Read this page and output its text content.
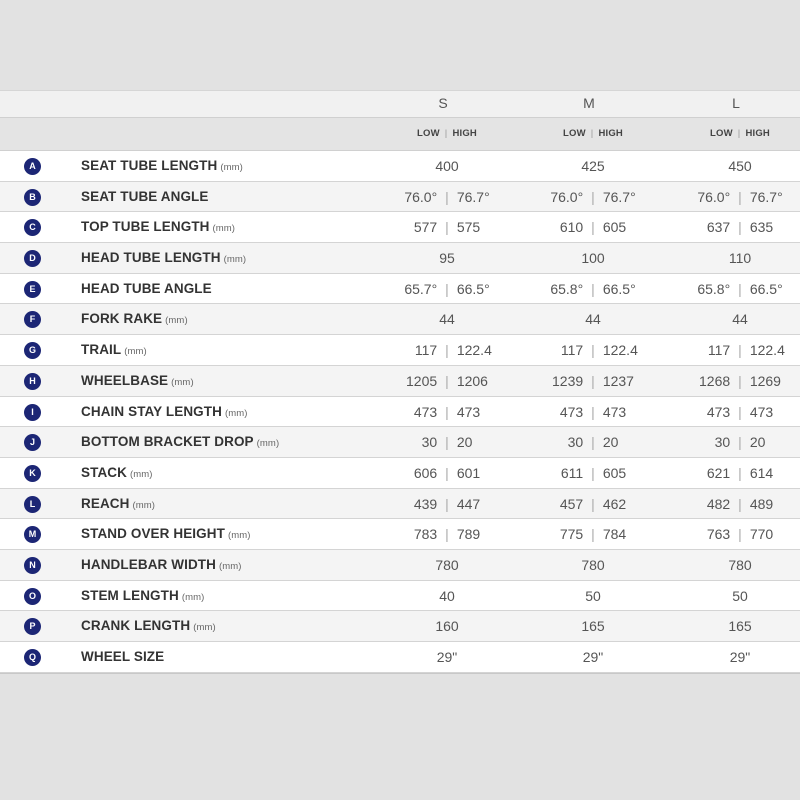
S	M	L
LOW | HIGH	LOW | HIGH	LOW | HIGH
A	SEAT TUBE LENGTH (mm)	400	425	450
B	SEAT TUBE ANGLE	76.0° | 76.7°	76.0° | 76.7°	76.0° | 76.7°
C	TOP TUBE LENGTH (mm)	577 | 575	610 | 605	637 | 635
D	HEAD TUBE LENGTH (mm)	95	100	110
E	HEAD TUBE ANGLE	65.7° | 66.5°	65.8° | 66.5°	65.8° | 66.5°
F	FORK RAKE (mm)	44	44	44
G	TRAIL (mm)	117 | 122.4	117 | 122.4	117 | 122.4
H	WHEELBASE (mm)	1205 | 1206	1239 | 1237	1268 | 1269
I	CHAIN STAY LENGTH (mm)	473 | 473	473 | 473	473 | 473
J	BOTTOM BRACKET DROP (mm)	30 | 20	30 | 20	30 | 20
K	STACK (mm)	606 | 601	611 | 605	621 | 614
L	REACH (mm)	439 | 447	457 | 462	482 | 489
M	STAND OVER HEIGHT (mm)	783 | 789	775 | 784	763 | 770
N	HANDLEBAR WIDTH (mm)	780	780	780
O	STEM LENGTH (mm)	40	50	50
P	CRANK LENGTH (mm)	160	165	165
Q	WHEEL SIZE	29"	29"	29"
